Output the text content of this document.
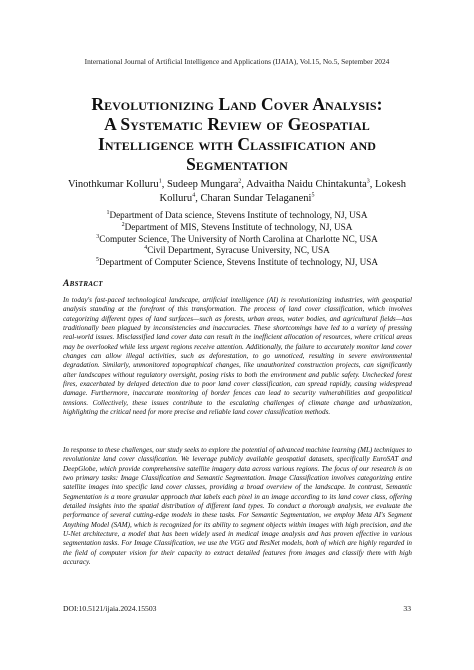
International Journal of Artificial Intelligence and Applications (IJAIA), Vol.15, No.5, September 2024
Revolutionizing Land Cover Analysis:
A Systematic Review of Geospatial
Intelligence with Classification and
Segmentation
Vinothkumar Kolluru$^1$, Sudeep Mungara$^2$, Advaitha Naidu Chintakunta$^3$, Lokesh
Kolluru$^4$, Charan Sundar Telaganeni$^5$
$^1$Department of Data science, Stevens Institute of technology, NJ, USA
$^2$Department of MIS, Stevens Institute of technology, NJ, USA
$^3$Computer Science, The University of North Carolina at Charlotte NC, USA
$^4$Civil Department, Syracuse University, NC, USA
$^5$Department of Computer Science, Stevens Institute of technology, NJ, USA
Abstract
In today's fast-paced technological landscape, artificial intelligence (AI) is revolutionizing industries, with geospatial analysis standing at the forefront of this transformation. The process of land cover classification, which involves categorizing different types of land surfaces—such as forests, urban areas, water bodies, and agricultural fields—has traditionally been plagued by inconsistencies and inaccuracies. These shortcomings have led to a variety of pressing real-world issues. Misclassified land cover data can result in the inefficient allocation of resources, where critical areas may be overlooked while less urgent regions receive attention. Additionally, the failure to accurately monitor land cover changes can allow illegal activities, such as deforestation, to go unnoticed, resulting in severe environmental degradation. Similarly, unmonitored topographical changes, like unauthorized construction projects, can significantly alter landscapes without regulatory oversight, posing risks to both the environment and public safety. Unchecked forest fires, exacerbated by delayed detection due to poor land cover classification, can spread rapidly, causing widespread damage. Furthermore, inaccurate monitoring of border fences can lead to security vulnerabilities and geopolitical tensions. Collectively, these issues contribute to the escalating challenges of climate change and urbanization, highlighting the critical need for more precise and reliable land cover classification methods.
In response to these challenges, our study seeks to explore the potential of advanced machine learning (ML) techniques to revolutionize land cover classification. We leverage publicly available geospatial datasets, specifically EuroSAT and DeepGlobe, which provide comprehensive satellite imagery data across various regions. The focus of our research is on two primary tasks: Image Classification and Semantic Segmentation. Image Classification involves categorizing entire satellite images into specific land cover classes, providing a broad overview of the landscape. In contrast, Semantic Segmentation is a more granular approach that labels each pixel in an image according to its land cover class, offering detailed insights into the spatial distribution of different land types. To conduct a thorough analysis, we evaluate the performance of several cutting-edge models in these tasks. For Semantic Segmentation, we employ Meta AI's Segment Anything Model (SAM), which is recognized for its ability to segment objects within images with high precision, and the U-Net architecture, a model that has been widely used in medical image analysis and has proven effective in various segmentation tasks. For Image Classification, we use the VGG and ResNet models, both of which are highly regarded in the field of computer vision for their capacity to extract detailed features from images and classify them with high accuracy.
DOI:10.5121/ijaia.2024.15503	33
